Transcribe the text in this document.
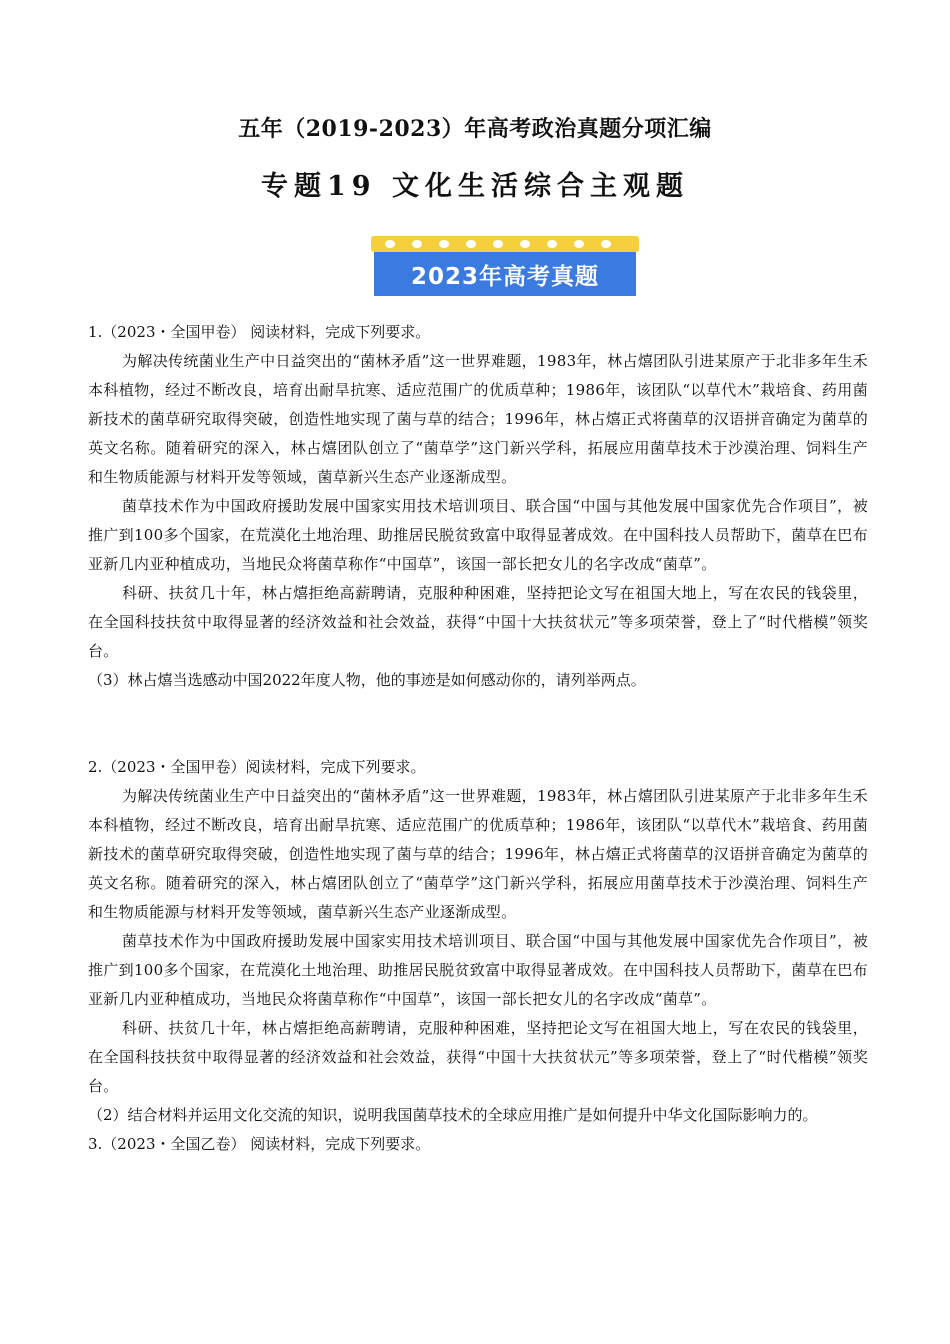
五年（2019-2023）年高考政治真题分项汇编
专题19 文化生活综合主观题
2023年高考真题
1.（2023・全国甲卷） 阅读材料，完成下列要求。

为解决传统菌业生产中日益突出的“菌林矛盾”这一世界难题，1983年，林占熺团队引进某原产于北非多年生禾本科植物，经过不断改良，培育出耐旱抗寒、适应范围广的优质草种；1986年，该团队“以草代木”栽培食、药用菌新技术的菌草研究取得突破，创造性地实现了菌与草的结合；1996年，林占熺正式将菌草的汉语拼音确定为菌草的英文名称。随着研究的深入，林占熺团队创立了“菌草学”这门新兴学科，拓展应用菌草技术于沙漠治理、饲料生产和生物质能源与材料开发等领域，菌草新兴生态产业逐渐成型。

菌草技术作为中国政府援助发展中国家实用技术培训项目、联合国“中国与其他发展中国家优先合作项目”，被推广到100多个国家，在荒漠化土地治理、助推居民脱贫致富中取得显著成效。在中国科技人员帮助下，菌草在巴布亚新几内亚种植成功，当地民众将菌草称作“中国草”，该国一部长把女儿的名字改成“菌草”。

科研、扶贫几十年，林占熺拒绝高薪聘请，克服种种困难，坚持把论文写在祖国大地上，写在农民的钱袋里，在全国科技扶贫中取得显著的经济效益和社会效益，获得“中国十大扶贫状元”等多项荣誉，登上了“时代楷模”领奖台。

（3）林占熺当选感动中国2022年度人物，他的事迹是如何感动你的，请列举两点。

2.（2023・全国甲卷）阅读材料，完成下列要求。

为解决传统菌业生产中日益突出的“菌林矛盾”这一世界难题，1983年，林占熺团队引进某原产于北非多年生禾本科植物，经过不断改良，培育出耐旱抗寒、适应范围广的优质草种；1986年，该团队“以草代木”栽培食、药用菌新技术的菌草研究取得突破，创造性地实现了菌与草的结合；1996年，林占熺正式将菌草的汉语拼音确定为菌草的英文名称。随着研究的深入，林占熺团队创立了“菌草学”这门新兴学科，拓展应用菌草技术于沙漠治理、饲料生产和生物质能源与材料开发等领域，菌草新兴生态产业逐渐成型。

菌草技术作为中国政府援助发展中国家实用技术培训项目、联合国“中国与其他发展中国家优先合作项目”，被推广到100多个国家，在荒漠化土地治理、助推居民脱贫致富中取得显著成效。在中国科技人员帮助下，菌草在巴布亚新几内亚种植成功，当地民众将菌草称作“中国草”，该国一部长把女儿的名字改成“菌草”。

科研、扶贫几十年，林占熺拒绝高薪聘请，克服种种困难，坚持把论文写在祖国大地上，写在农民的钱袋里，在全国科技扶贫中取得显著的经济效益和社会效益，获得“中国十大扶贫状元”等多项荣誉，登上了“时代楷模”领奖台。

（2）结合材料并运用文化交流的知识，说明我国菌草技术的全球应用推广是如何提升中华文化国际影响力的。

3.（2023・全国乙卷） 阅读材料，完成下列要求。
